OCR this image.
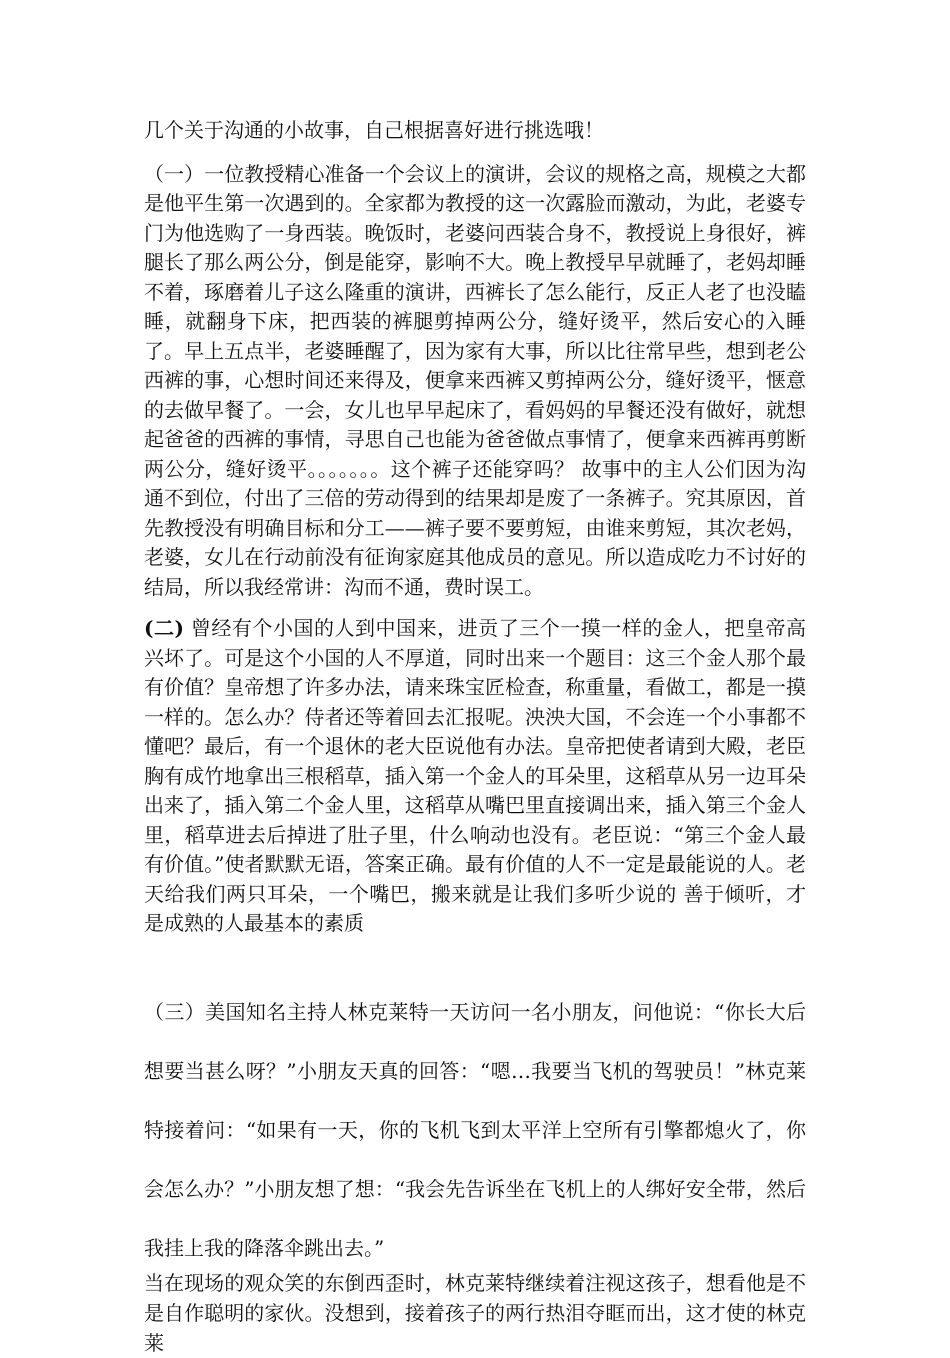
几个关于沟通的小故事，自己根据喜好进行挑选哦！

（一）一位教授精心准备一个会议上的演讲，会议的规格之高，规模之大都是他平生第一次遇到的。全家都为教授的这一次露脸而激动，为此，老婆专门为他选购了一身西装。晚饭时，老婆问西装合身不，教授说上身很好，裤腿长了那么两公分，倒是能穿，影响不大。晚上教授早早就睡了，老妈却睡不着，琢磨着儿子这么隆重的演讲，西裤长了怎么能行，反正人老了也没瞌睡，就翻身下床，把西装的裤腿剪掉两公分，缝好烫平，然后安心的入睡了。早上五点半，老婆睡醒了，因为家有大事，所以比往常早些，想到老公西裤的事，心想时间还来得及，便拿来西裤又剪掉两公分，缝好烫平，惬意的去做早餐了。一会，女儿也早早起床了，看妈妈的早餐还没有做好，就想起爸爸的西裤的事情，寻思自己也能为爸爸做点事情了，便拿来西裤再剪断两公分，缝好烫平。。。。。。。这个裤子还能穿吗？ 故事中的主人公们因为沟通不到位，付出了三倍的劳动得到的结果却是废了一条裤子。究其原因，首先教授没有明确目标和分工——裤子要不要剪短，由谁来剪短，其次老妈，老婆，女儿在行动前没有征询家庭其他成员的意见。所以造成吃力不讨好的结局，所以我经常讲：沟而不通，费时误工。

(二) 曾经有个小国的人到中国来，进贡了三个一摸一样的金人，把皇帝高兴坏了。可是这个小国的人不厚道，同时出来一个题目：这三个金人那个最有价值？皇帝想了许多办法，请来珠宝匠检查，称重量，看做工，都是一摸一样的。怎么办？侍者还等着回去汇报呢。泱泱大国，不会连一个小事都不懂吧？最后，有一个退休的老大臣说他有办法。皇帝把使者请到大殿，老臣胸有成竹地拿出三根稻草，插入第一个金人的耳朵里，这稻草从另一边耳朵出来了，插入第二个金人里，这稻草从嘴巴里直接调出来，插入第三个金人里，稻草进去后掉进了肚子里，什么响动也没有。老臣说：“第三个金人最有价值。”使者默默无语，答案正确。最有价值的人不一定是最能说的人。老天给我们两只耳朵，一个嘴巴，搬来就是让我们多听少说的 善于倾听，才是成熟的人最基本的素质

（三）美国知名主持人林克莱特一天访问一名小朋友，问他说：“你长大后想要当甚么呀？”小朋友天真的回答：“嗯…我要当飞机的驾驶员！”林克莱特接着问：“如果有一天，你的飞机飞到太平洋上空所有引擎都熄火了，你会怎么办？”小朋友想了想：“我会先告诉坐在飞机上的人绑好安全带，然后我挂上我的降落伞跳出去。”

当在现场的观众笑的东倒西歪时，林克莱特继续着注视这孩子，想看他是不是自作聪明的家伙。没想到，接着孩子的两行热泪夺眶而出，这才使的林克莱
